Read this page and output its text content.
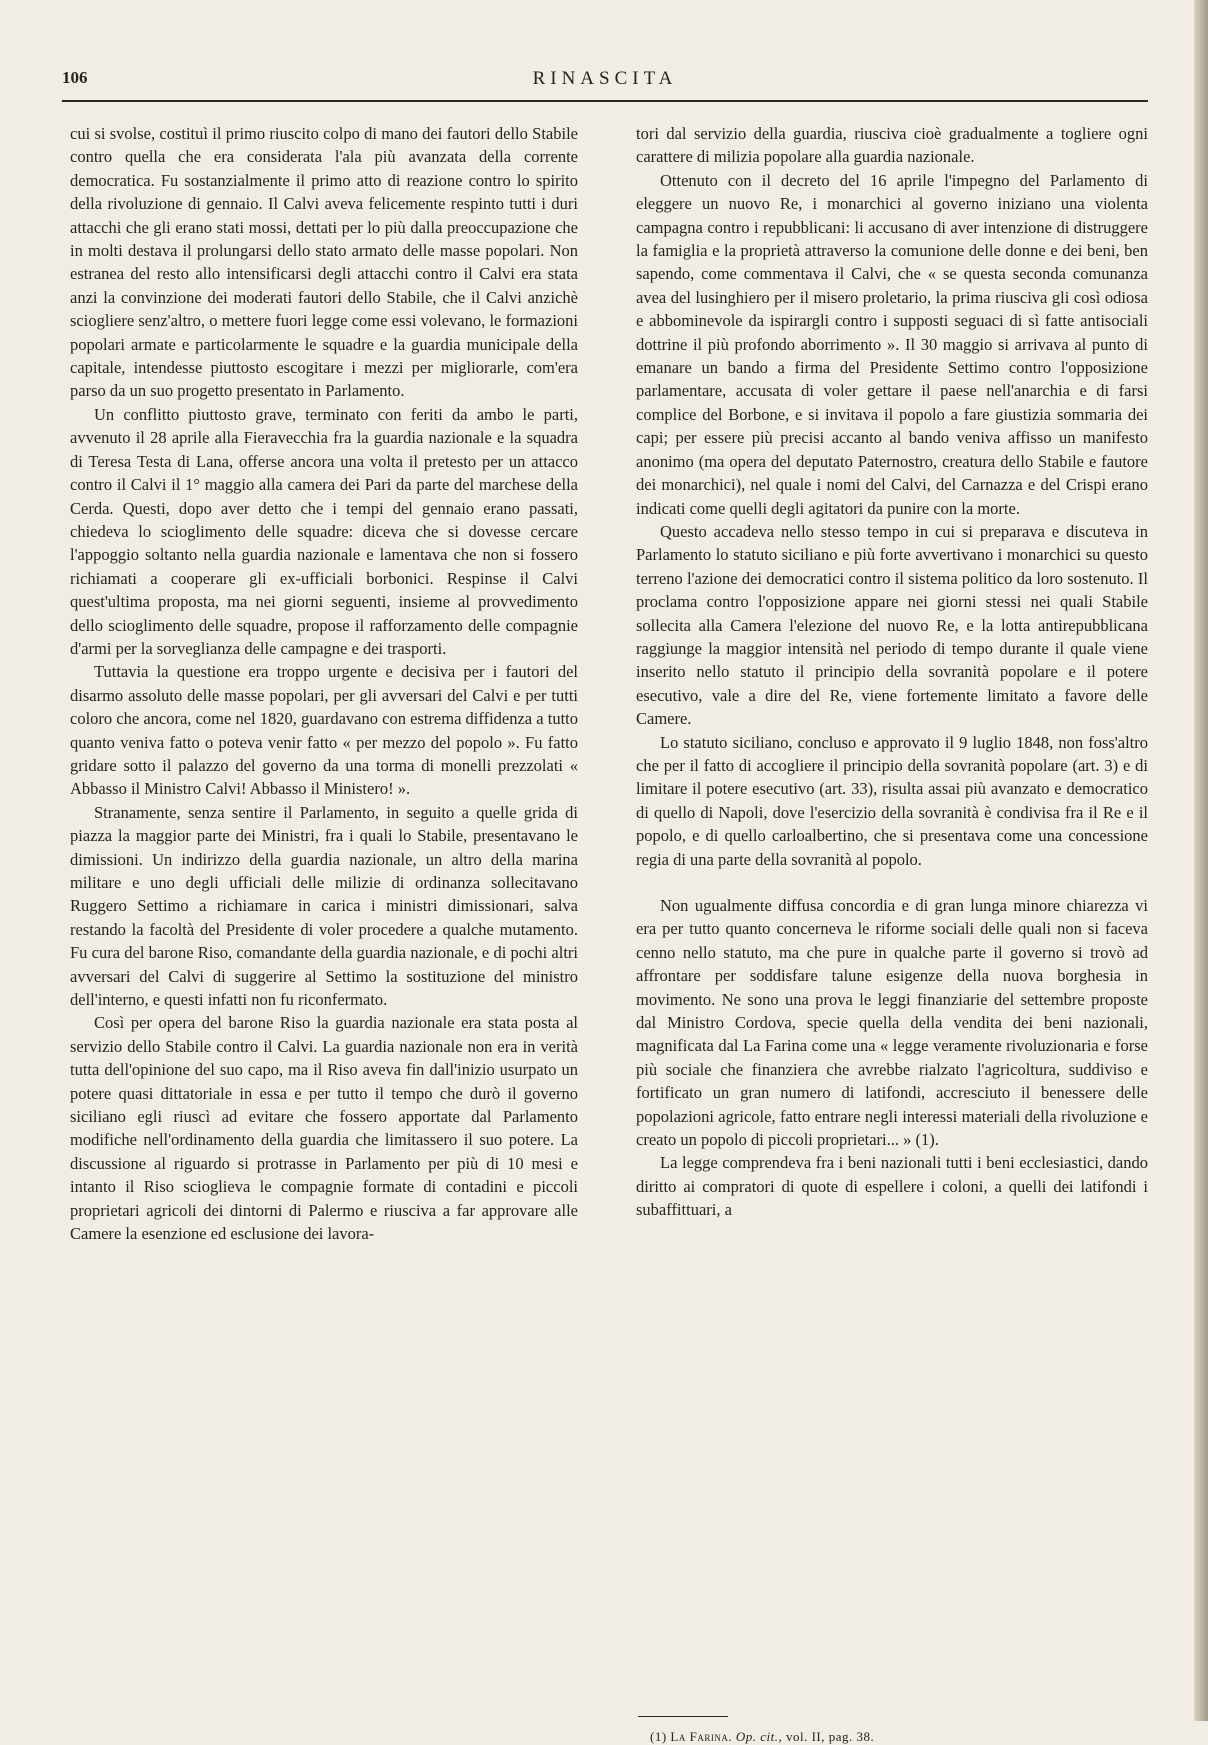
106	RINASCITA

cui si svolse, costituì il primo riuscito colpo di mano dei fautori dello Stabile contro quella che era considerata l'ala più avanzata della corrente democratica. Fu sostanzialmente il primo atto di reazione contro lo spirito della rivoluzione di gennaio. Il Calvi aveva felicemente respinto tutti i duri attacchi che gli erano stati mossi, dettati per lo più dalla preoccupazione che in molti destava il prolungarsi dello stato armato delle masse popolari. Non estranea del resto allo intensificarsi degli attacchi contro il Calvi era stata anzi la convinzione dei moderati fautori dello Stabile, che il Calvi anzichè sciogliere senz'altro, o mettere fuori legge come essi volevano, le formazioni popolari armate e particolarmente le squadre e la guardia municipale della capitale, intendesse piuttosto escogitare i mezzi per migliorarle, com'era parso da un suo progetto presentato in Parlamento.

Un conflitto piuttosto grave, terminato con feriti da ambo le parti, avvenuto il 28 aprile alla Fieravecchia fra la guardia nazionale e la squadra di Teresa Testa di Lana, offerse ancora una volta il pretesto per un attacco contro il Calvi il 1° maggio alla camera dei Pari da parte del marchese della Cerda. Questi, dopo aver detto che i tempi del gennaio erano passati, chiedeva lo scioglimento delle squadre: diceva che si dovesse cercare l'appoggio soltanto nella guardia nazionale e lamentava che non si fossero richiamati a cooperare gli ex-ufficiali borbonici. Respinse il Calvi quest'ultima proposta, ma nei giorni seguenti, insieme al provvedimento dello scioglimento delle squadre, propose il rafforzamento delle compagnie d'armi per la sorveglianza delle campagne e dei trasporti.

Tuttavia la questione era troppo urgente e decisiva per i fautori del disarmo assoluto delle masse popolari, per gli avversari del Calvi e per tutti coloro che ancora, come nel 1820, guardavano con estrema diffidenza a tutto quanto veniva fatto o poteva venir fatto « per mezzo del popolo ». Fu fatto gridare sotto il palazzo del governo da una torma di monelli prezzolati « Abbasso il Ministro Calvi! Abbasso il Ministero! ».

Stranamente, senza sentire il Parlamento, in seguito a quelle grida di piazza la maggior parte dei Ministri, fra i quali lo Stabile, presentavano le dimissioni. Un indirizzo della guardia nazionale, un altro della marina militare e uno degli ufficiali delle milizie di ordinanza sollecitavano Ruggero Settimo a richiamare in carica i ministri dimissionari, salva restando la facoltà del Presidente di voler procedere a qualche mutamento. Fu cura del barone Riso, comandante della guardia nazionale, e di pochi altri avversari del Calvi di suggerire al Settimo la sostituzione del ministro dell'interno, e questi infatti non fu riconfermato.

Così per opera del barone Riso la guardia nazionale era stata posta al servizio dello Stabile contro il Calvi. La guardia nazionale non era in verità tutta dell'opinione del suo capo, ma il Riso aveva fin dall'inizio usurpato un potere quasi dittatoriale in essa e per tutto il tempo che durò il governo siciliano egli riuscì ad evitare che fossero apportate dal Parlamento modifiche nell'ordinamento della guardia che limitassero il suo potere. La discussione al riguardo si protrasse in Parlamento per più di 10 mesi e intanto il Riso scioglieva le compagnie formate di contadini e piccoli proprietari agricoli dei dintorni di Palermo e riusciva a far approvare alle Camere la esenzione ed esclusione dei lavora-

tori dal servizio della guardia, riusciva cioè gradualmente a togliere ogni carattere di milizia popolare alla guardia nazionale.

Ottenuto con il decreto del 16 aprile l'impegno del Parlamento di eleggere un nuovo Re, i monarchici al governo iniziano una violenta campagna contro i repubblicani: li accusano di aver intenzione di distruggere la famiglia e la proprietà attraverso la comunione delle donne e dei beni, ben sapendo, come commentava il Calvi, che « se questa seconda comunanza avea del lusinghiero per il misero proletario, la prima riusciva gli così odiosa e abbominevole da ispirargli contro i supposti seguaci di sì fatte antisociali dottrine il più profondo aborrimento ». Il 30 maggio si arrivava al punto di emanare un bando a firma del Presidente Settimo contro l'opposizione parlamentare, accusata di voler gettare il paese nell'anarchia e di farsi complice del Borbone, e si invitava il popolo a fare giustizia sommaria dei capi; per essere più precisi accanto al bando veniva affisso un manifesto anonimo (ma opera del deputato Paternostro, creatura dello Stabile e fautore dei monarchici), nel quale i nomi del Calvi, del Carnazza e del Crispi erano indicati come quelli degli agitatori da punire con la morte.

Questo accadeva nello stesso tempo in cui si preparava e discuteva in Parlamento lo statuto siciliano e più forte avvertivano i monarchici su questo terreno l'azione dei democratici contro il sistema politico da loro sostenuto. Il proclama contro l'opposizione appare nei giorni stessi nei quali Stabile sollecita alla Camera l'elezione del nuovo Re, e la lotta antirepubblicana raggiunge la maggior intensità nel periodo di tempo durante il quale viene inserito nello statuto il principio della sovranità popolare e il potere esecutivo, vale a dire del Re, viene fortemente limitato a favore delle Camere.

Lo statuto siciliano, concluso e approvato il 9 luglio 1848, non foss'altro che per il fatto di accogliere il principio della sovranità popolare (art. 3) e di limitare il potere esecutivo (art. 33), risulta assai più avanzato e democratico di quello di Napoli, dove l'esercizio della sovranità è condivisa fra il Re e il popolo, e di quello carloalbertino, che si presentava come una concessione regia di una parte della sovranità al popolo.

Non ugualmente diffusa concordia e di gran lunga minore chiarezza vi era per tutto quanto concerneva le riforme sociali delle quali non si faceva cenno nello statuto, ma che pure in qualche parte il governo si trovò ad affrontare per soddisfare talune esigenze della nuova borghesia in movimento. Ne sono una prova le leggi finanziarie del settembre proposte dal Ministro Cordova, specie quella della vendita dei beni nazionali, magnificata dal La Farina come una « legge veramente rivoluzionaria e forse più sociale che finanziera che avrebbe rialzato l'agricoltura, suddiviso e fortificato un gran numero di latifondi, accresciuto il benessere delle popolazioni agricole, fatto entrare negli interessi materiali della rivoluzione e creato un popolo di piccoli proprietari... » (1).

La legge comprendeva fra i beni nazionali tutti i beni ecclesiastici, dando diritto ai compratori di quote di espellere i coloni, a quelli dei latifondi i subaffittuari, a

(1) La Farina. Op. cit., vol. II, pag. 38.
